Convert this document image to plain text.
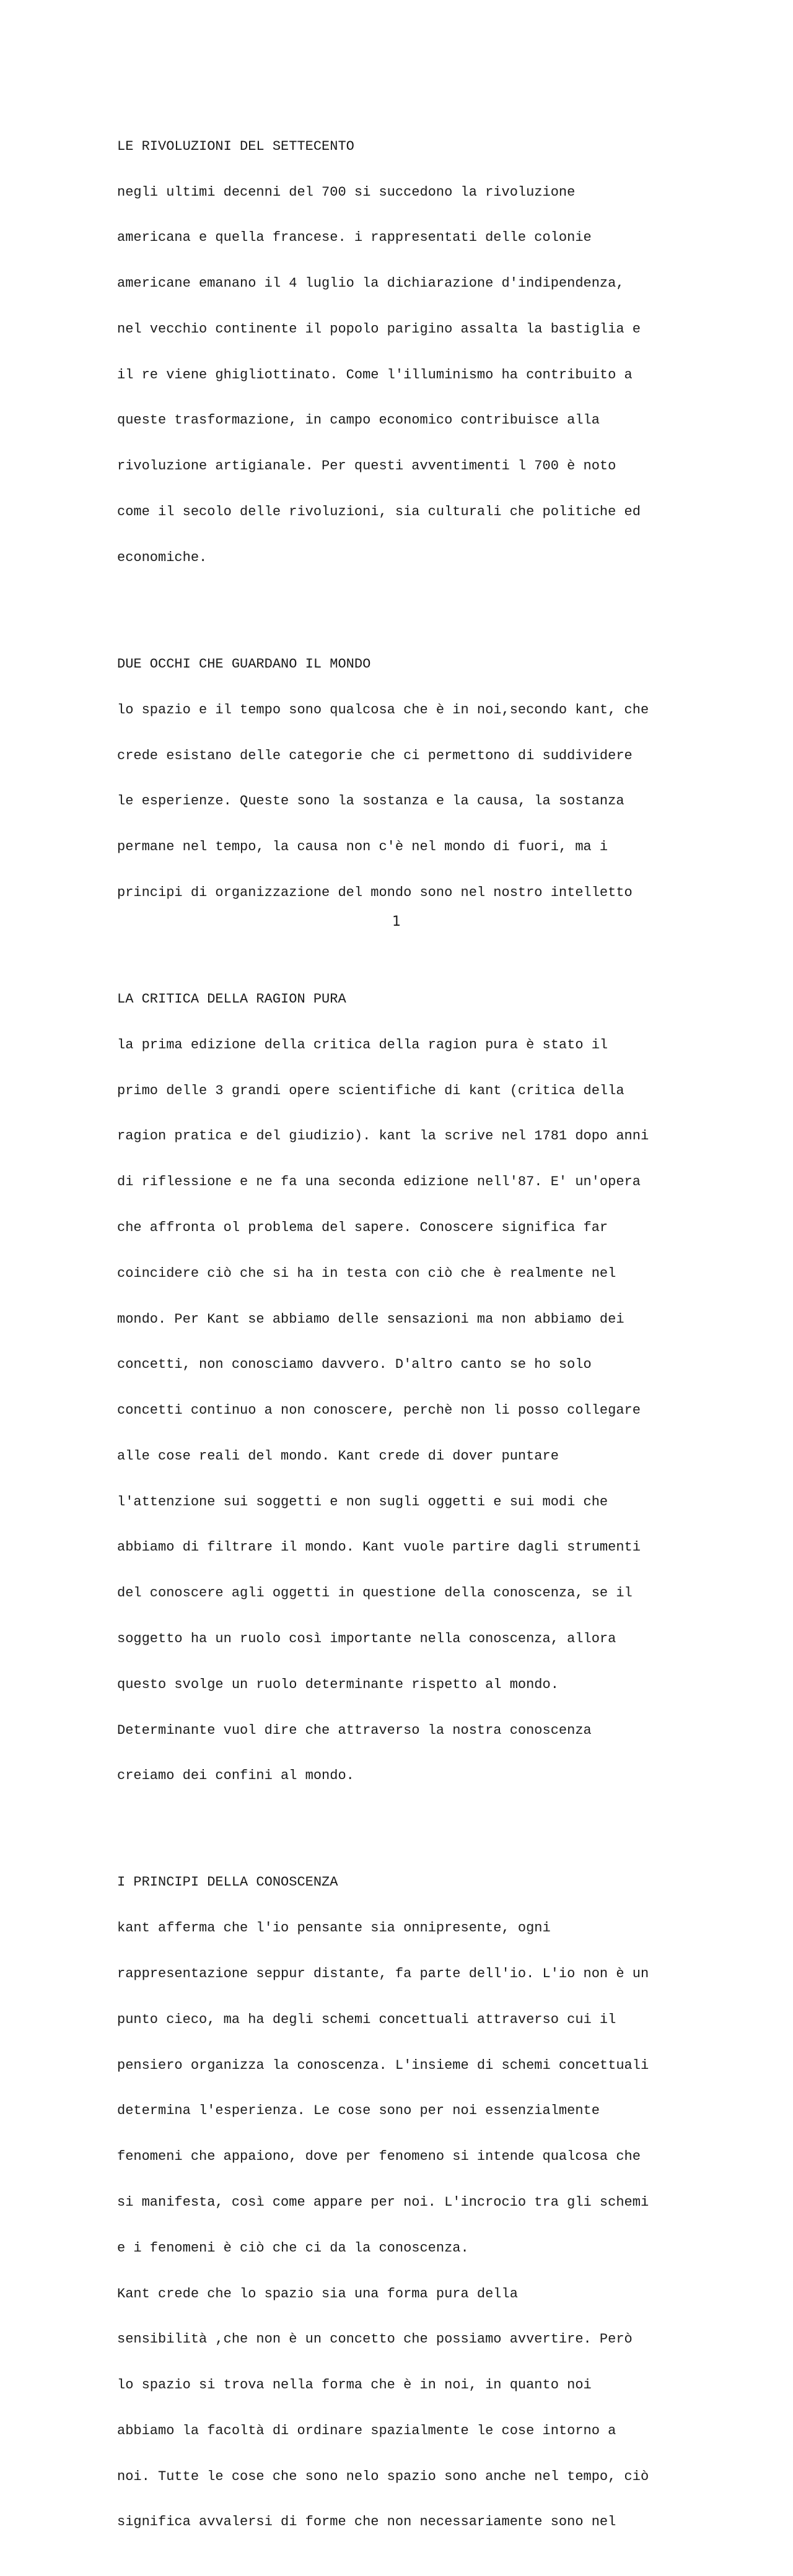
LE RIVOLUZIONI DEL SETTECENTO

negli ultimi decenni del 700 si succedono la rivoluzione

americana e quella francese. i rappresentati delle colonie

americane emanano il 4 luglio la dichiarazione d'indipendenza,

nel vecchio continente il popolo parigino assalta la bastiglia e

il re viene ghigliottinato. Come l'illuminismo ha contribuito a

queste trasformazione, in campo economico contribuisce alla

rivoluzione artigianale. Per questi avventimenti l 700 è noto

come il secolo delle rivoluzioni, sia culturali che politiche ed

economiche.

DUE OCCHI CHE GUARDANO IL MONDO

lo spazio e il tempo sono qualcosa che è in noi,secondo kant, che

crede esistano delle categorie che ci permettono di suddividere

le esperienze. Queste sono la sostanza e la causa, la sostanza

permane nel tempo, la causa non c'è nel mondo di fuori, ma i

principi di organizzazione del mondo sono nel nostro intelletto

LA CRITICA DELLA RAGION PURA

la prima edizione della critica della ragion pura è stato il

primo delle 3 grandi opere scientifiche di kant (critica della

ragion pratica e del giudizio). kant la scrive nel 1781 dopo anni

di riflessione e ne fa una seconda edizione nell'87. E' un'opera

che affronta ol problema del sapere. Conoscere significa far

coincidere ciò che si ha in testa con ciò che è realmente nel

mondo. Per Kant se abbiamo delle sensazioni ma non abbiamo dei

concetti, non conosciamo davvero. D'altro canto se ho solo

concetti continuo a non conoscere, perchè non li posso collegare

alle cose reali del mondo. Kant crede di dover puntare

l'attenzione sui soggetti e non sugli oggetti e sui modi che

abbiamo di filtrare il mondo. Kant vuole partire dagli strumenti

del conoscere agli oggetti in questione della conoscenza, se il

soggetto ha un ruolo così importante nella conoscenza, allora

questo svolge un ruolo determinante rispetto al mondo.

Determinante vuol dire che attraverso la nostra conoscenza

creiamo dei confini al mondo.

I PRINCIPI DELLA CONOSCENZA

kant afferma che l'io pensante sia onnipresente, ogni

rappresentazione seppur distante, fa parte dell'io. L'io non è un

punto cieco, ma ha degli schemi concettuali attraverso cui il

pensiero organizza la conoscenza. L'insieme di schemi concettuali

determina l'esperienza. Le cose sono per noi essenzialmente

fenomeni che appaiono, dove per fenomeno si intende qualcosa che

si manifesta, così come appare per noi. L'incrocio tra gli schemi

e i fenomeni è ciò che ci da la conoscenza.

Kant crede che lo spazio sia una forma pura della

sensibilità ,che non è un concetto che possiamo avvertire. Però

lo spazio si trova nella forma che è in noi, in quanto noi

abbiamo la facoltà di ordinare spazialmente le cose intorno a

noi. Tutte le cose che sono nelo spazio sono anche nel tempo, ciò

significa avvalersi di forme che non necessariamente sono nel

1
